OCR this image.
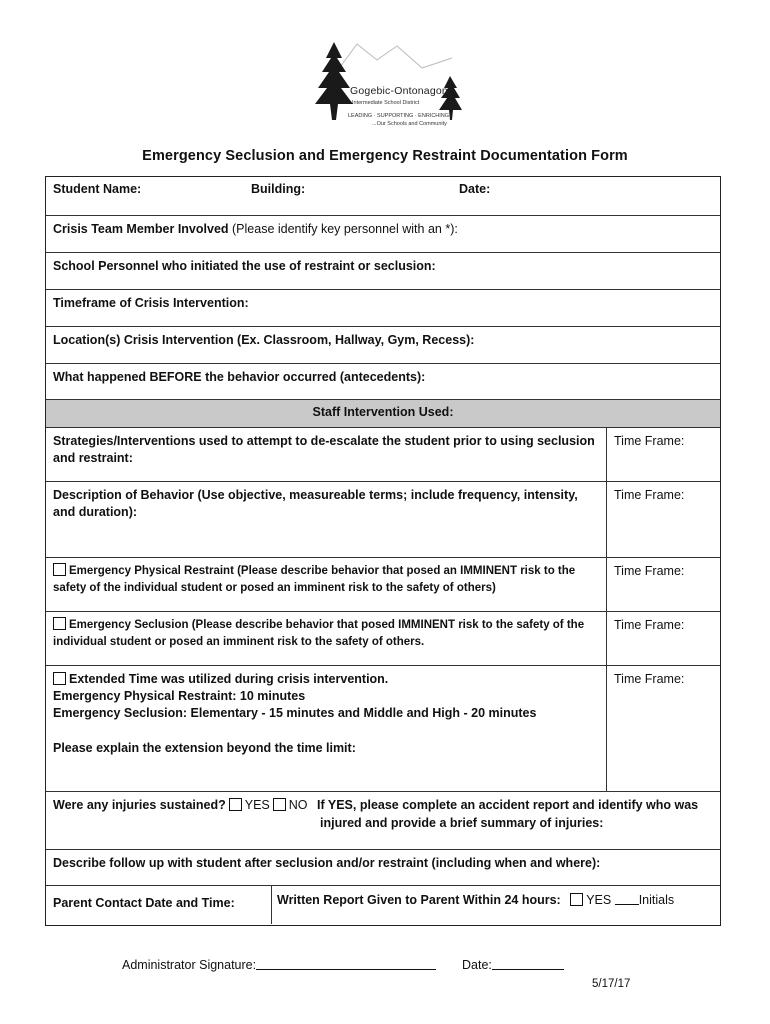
Gogebic-Ontonagon
Intermediate School District
LEADING · SUPPORTING · ENRICHING
...Our Schools and Community
Emergency Seclusion and Emergency Restraint Documentation Form
Student Name:	Building:	Date:
Crisis Team Member Involved (Please identify key personnel with an *):
School Personnel who initiated the use of restraint or seclusion:
Timeframe of Crisis Intervention:
Location(s) Crisis Intervention (Ex. Classroom, Hallway, Gym, Recess):
What happened BEFORE the behavior occurred (antecedents):
Staff Intervention Used:
Strategies/Interventions used to attempt to de-escalate the student prior to using seclusion and restraint:
Time Frame:
Description of Behavior (Use objective, measureable terms; include frequency, intensity, and duration):
Time Frame:
Emergency Physical Restraint (Please describe behavior that posed an IMMINENT risk to the safety of the individual student or posed an imminent risk to the safety of others)
Time Frame:
Emergency Seclusion (Please describe behavior that posed IMMINENT risk to the safety of the individual student or posed an imminent risk to the safety of others.
Time Frame:
Extended Time was utilized during crisis intervention.
Emergency Physical Restraint: 10 minutes
Emergency Seclusion: Elementary - 15 minutes and Middle and High - 20 minutes
Please explain the extension beyond the time limit:
Time Frame:
Were any injuries sustained? YES NO If YES, please complete an accident report and identify who was
injured and provide a brief summary of injuries:
Describe follow up with student after seclusion and/or restraint (including when and where):
Parent Contact Date and Time:	Written Report Given to Parent Within 24 hours: YES Initials
Administrator Signature:	Date:
5/17/17
